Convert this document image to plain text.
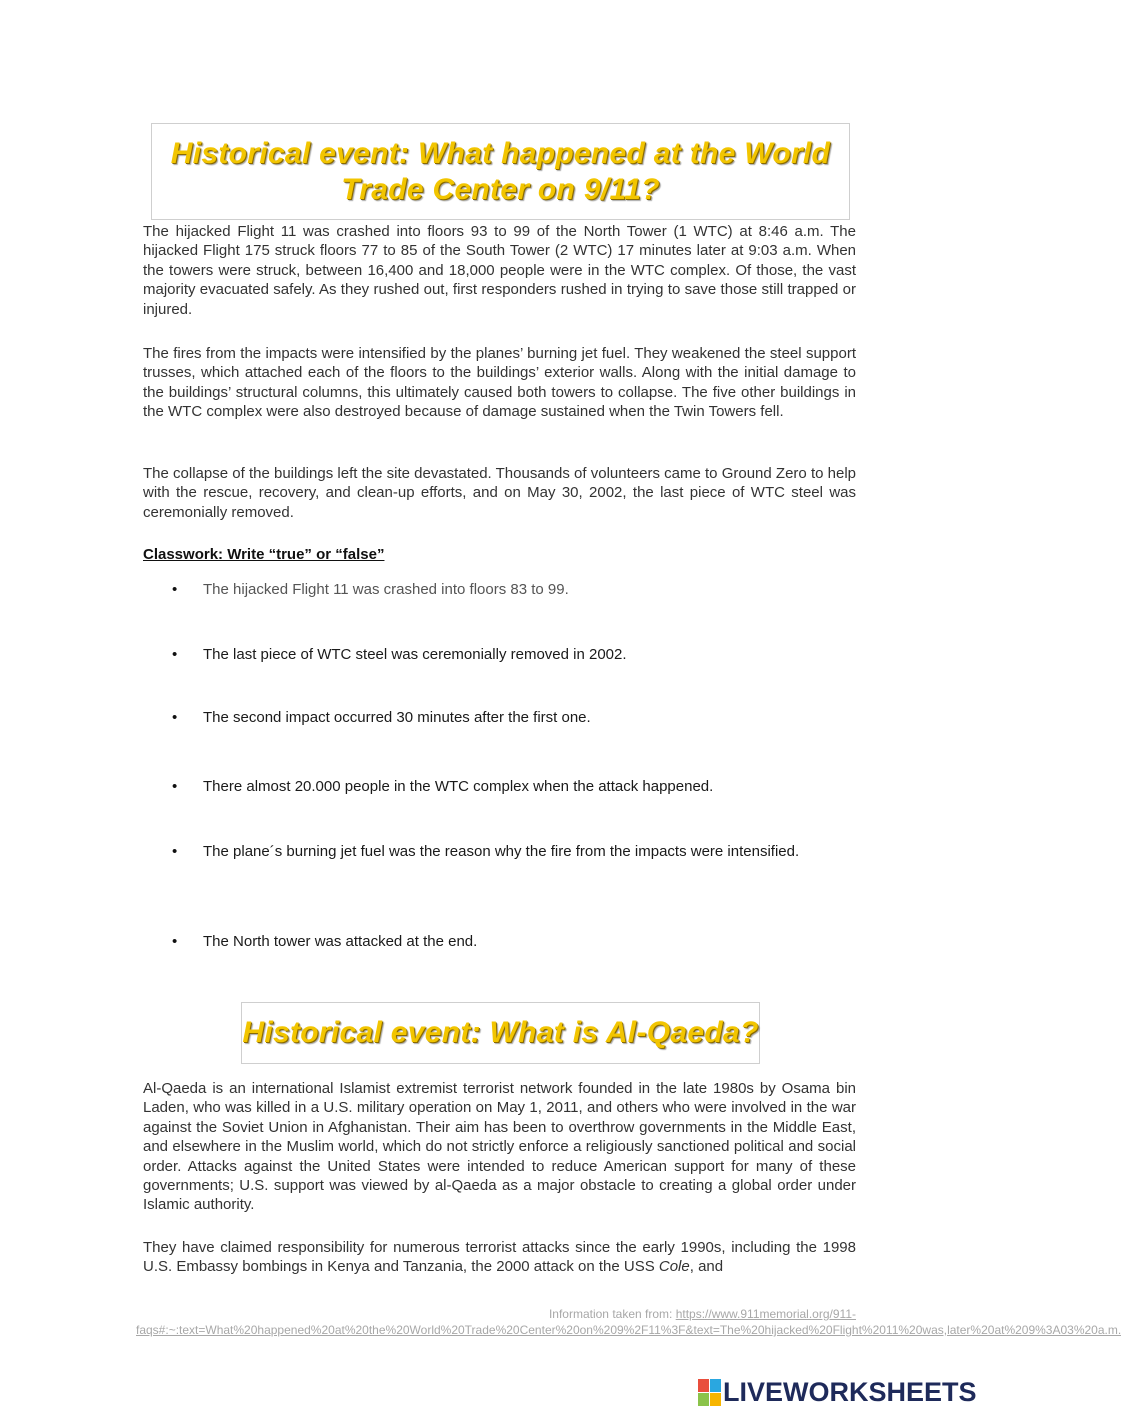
Historical event: What happened at the World Trade Center on 9/11?

The hijacked Flight 11 was crashed into floors 93 to 99 of the North Tower (1 WTC) at 8:46 a.m. The hijacked Flight 175 struck floors 77 to 85 of the South Tower (2 WTC) 17 minutes later at 9:03 a.m. When the towers were struck, between 16,400 and 18,000 people were in the WTC complex. Of those, the vast majority evacuated safely. As they rushed out, first responders rushed in trying to save those still trapped or injured.

The fires from the impacts were intensified by the planes’ burning jet fuel. They weakened the steel support trusses, which attached each of the floors to the buildings’ exterior walls. Along with the initial damage to the buildings’ structural columns, this ultimately caused both towers to collapse. The five other buildings in the WTC complex were also destroyed because of damage sustained when the Twin Towers fell.

The collapse of the buildings left the site devastated. Thousands of volunteers came to Ground Zero to help with the rescue, recovery, and clean-up efforts, and on May 30, 2002, the last piece of WTC steel was ceremonially removed.

Classwork: Write “true” or “false”
•	The hijacked Flight 11 was crashed into floors 83 to 99.
•	The last piece of WTC steel was ceremonially removed in 2002.
•	The second impact occurred 30 minutes after the first one.
•	There almost 20.000 people in the WTC complex when the attack happened.
•	The plane´s burning jet fuel was the reason why the fire from the impacts were intensified.
•	The North tower was attacked at the end.
Historical event: What is Al-Qaeda?

Al-Qaeda is an international Islamist extremist terrorist network founded in the late 1980s by Osama bin Laden, who was killed in a U.S. military operation on May 1, 2011, and others who were involved in the war against the Soviet Union in Afghanistan. Their aim has been to overthrow governments in the Middle East, and elsewhere in the Muslim world, which do not strictly enforce a religiously sanctioned political and social order. Attacks against the United States were intended to reduce American support for many of these governments; U.S. support was viewed by al-Qaeda as a major obstacle to creating a global order under Islamic authority.

They have claimed responsibility for numerous terrorist attacks since the early 1990s, including the 1998 U.S. Embassy bombings in Kenya and Tanzania, the 2000 attack on the USS Cole, and

Information taken from: https://www.911memorial.org/911-faqs#:~:text=What%20happened%20at%20the%20World%20Trade%20Center%20on%209%2F11%3F&text=The%20hijacked%20Flight%2011%20was,later%20at%209%3A03%20a.m.
LIVEWORKSHEETS
